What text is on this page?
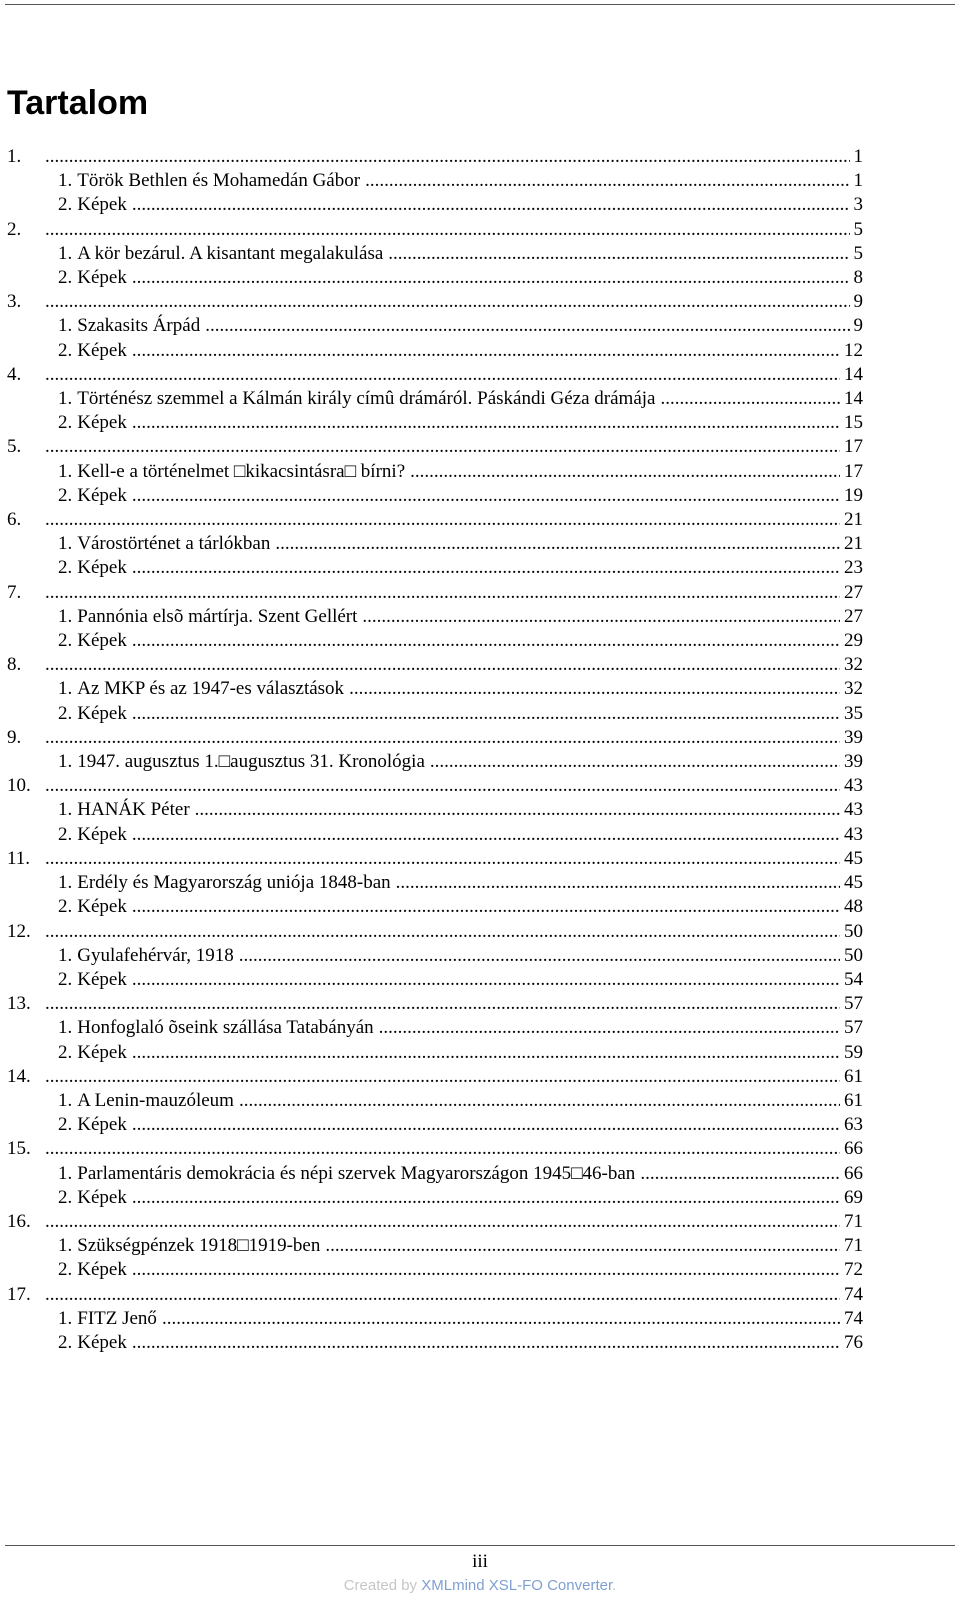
Tartalom
1. .....	1
1. Török Bethlen és Mohamedán Gábor .....	1
2. Képek .....	3
2. .....	5
1. A kör bezárul. A kisantant megalakulása .....	5
2. Képek .....	8
3. .....	9
1. Szakasits Árpád .....	9
2. Képek .....	12
4. .....	14
1. Történész szemmel a Kálmán király címû drámáról. Páskándi Géza drámája .....	14
2. Képek .....	15
5. .....	17
1. Kell-e a történelmet □kikacsintásra□ bírni? .....	17
2. Képek .....	19
6. .....	21
1. Várostörténet a tárlókban .....	21
2. Képek .....	23
7. .....	27
1. Pannónia elsõ mártírja. Szent Gellért .....	27
2. Képek .....	29
8. .....	32
1. Az MKP és az 1947-es választások .....	32
2. Képek .....	35
9. .....	39
1. 1947. augusztus 1.□augusztus 31. Kronológia .....	39
10. .....	43
1. HANÁK Péter .....	43
2. Képek .....	43
11. .....	45
1. Erdély és Magyarország uniója 1848-ban .....	45
2. Képek .....	48
12. .....	50
1. Gyulafehérvár, 1918 .....	50
2. Képek .....	54
13. .....	57
1. Honfoglaló õseink szállása Tatabányán .....	57
2. Képek .....	59
14. .....	61
1. A Lenin-mauzóleum .....	61
2. Képek .....	63
15. .....	66
1. Parlamentáris demokrácia és népi szervek Magyarországon 1945□46-ban .....	66
2. Képek .....	69
16. .....	71
1. Szükségpénzek 1918□1919-ben .....	71
2. Képek .....	72
17. .....	74
1. FITZ Jenő .....	74
2. Képek .....	76
iii
Created by XMLmind XSL-FO Converter.
